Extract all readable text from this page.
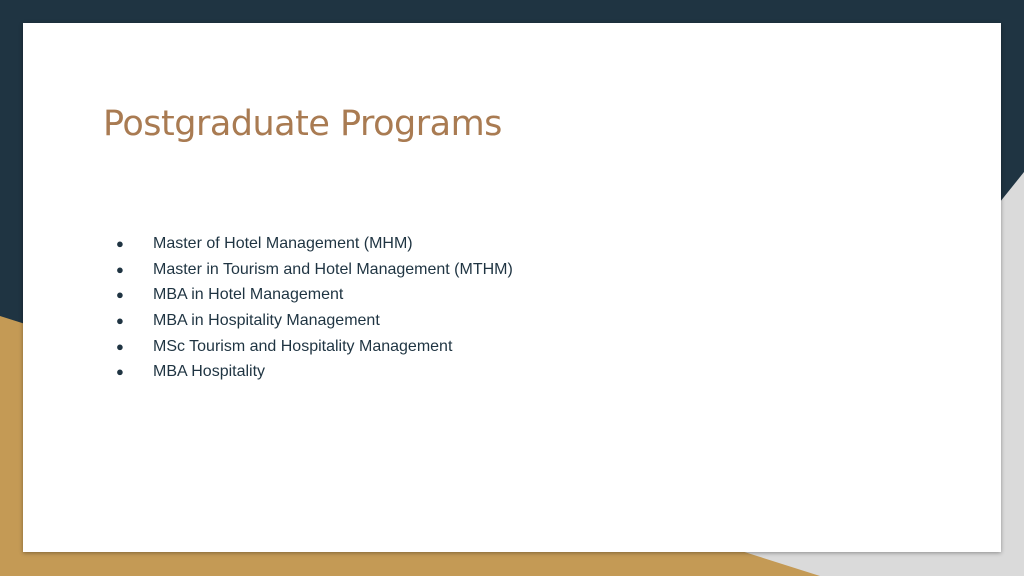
Postgraduate Programs
●	Master of Hotel Management (MHM)
●	Master in Tourism and Hotel Management (MTHM)
●	MBA in Hotel Management
●	MBA in Hospitality Management
●	MSc Tourism and Hospitality Management
●	MBA Hospitality
